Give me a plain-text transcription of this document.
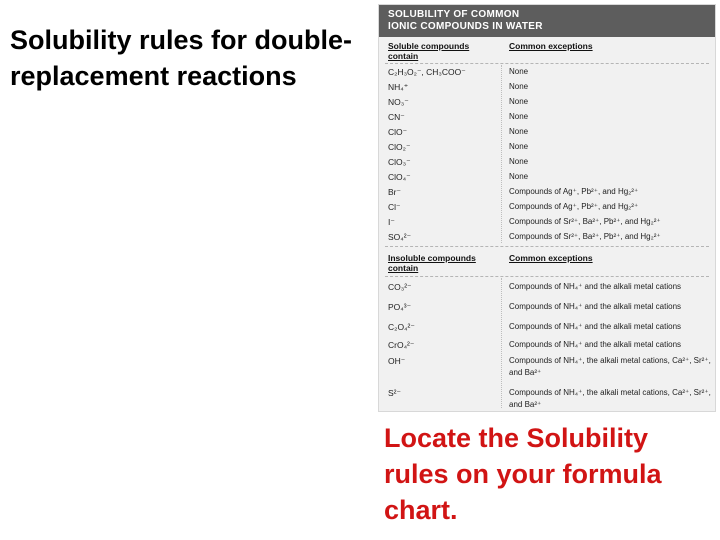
Solubility rules for double-replacement reactions
SOLUBILITY OF COMMON
IONIC COMPOUNDS IN WATER
Soluble compounds contain
Common exceptions
C₂H₃O₂⁻, CH₃COO⁻	None
NH₄⁺	None
NO₃⁻	None
CN⁻	None
ClO⁻	None
ClO₂⁻	None
ClO₃⁻	None
ClO₄⁻	None
Br⁻	Compounds of Ag⁺, Pb²⁺, and Hg₂²⁺
Cl⁻	Compounds of Ag⁺, Pb²⁺, and Hg₂²⁺
I⁻	Compounds of Sr²⁺, Ba²⁺, Pb²⁺, and Hg₂²⁺
SO₄²⁻	Compounds of Sr²⁺, Ba²⁺, Pb²⁺, and Hg₂²⁺
Insoluble compounds contain
Common exceptions
CO₃²⁻	Compounds of NH₄⁺ and the alkali metal cations
PO₄³⁻	Compounds of NH₄⁺ and the alkali metal cations
C₂O₄²⁻	Compounds of NH₄⁺ and the alkali metal cations
CrO₄²⁻	Compounds of NH₄⁺ and the alkali metal cations
OH⁻	Compounds of NH₄⁺, the alkali metal cations, Ca²⁺, Sr²⁺, and Ba²⁺
S²⁻	Compounds of NH₄⁺, the alkali metal cations, Ca²⁺, Sr²⁺, and Ba²⁺
Locate the Solubility rules on your formula chart.
